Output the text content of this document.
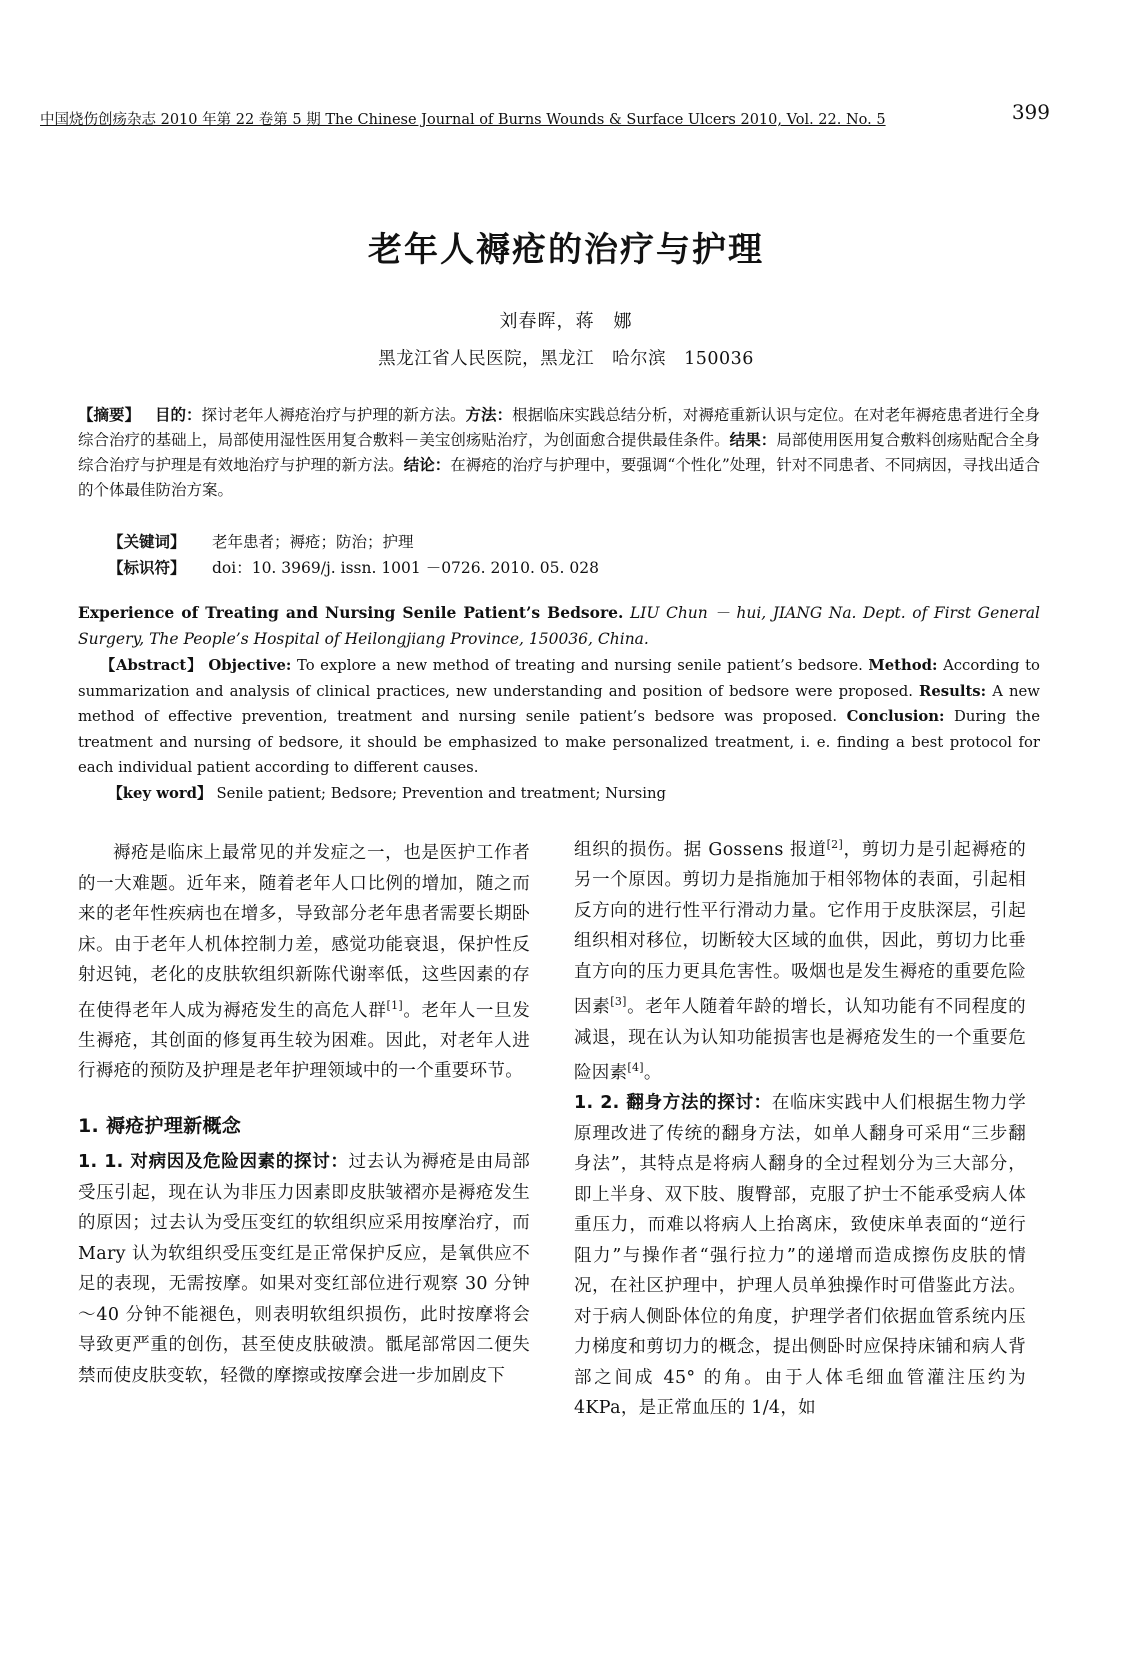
中国烧伤创疡杂志 2010 年第 22 卷第 5 期 The Chinese Journal of Burns Wounds & Surface Ulcers 2010, Vol. 22. No. 5	399
老年人褥疮的治疗与护理
刘春晖，蒋　娜
黑龙江省人民医院，黑龙江　哈尔滨　150036
【摘要】 目的：探讨老年人褥疮治疗与护理的新方法。方法：根据临床实践总结分析，对褥疮重新认识与定位。在对老年褥疮患者进行全身综合治疗的基础上，局部使用湿性医用复合敷料－美宝创疡贴治疗，为创面愈合提供最佳条件。结果：局部使用医用复合敷料创疡贴配合全身综合治疗与护理是有效地治疗与护理的新方法。结论：在褥疮的治疗与护理中，要强调“个性化”处理，针对不同患者、不同病因，寻找出适合的个体最佳防治方案。
【关键词】 老年患者；褥疮；防治；护理
【标识符】 doi：10. 3969/j. issn. 1001 －0726. 2010. 05. 028
Experience of Treating and Nursing Senile Patient’s Bedsore. LIU Chun － hui, JIANG Na. Dept. of First General Surgery, The People’s Hospital of Heilongjiang Province, 150036, China.
【Abstract】 Objective: To explore a new method of treating and nursing senile patient’s bedsore. Method: According to summarization and analysis of clinical practices, new understanding and position of bedsore were proposed. Results: A new method of effective prevention, treatment and nursing senile patient’s bedsore was proposed. Conclusion: During the treatment and nursing of bedsore, it should be emphasized to make personalized treatment, i. e. finding a best protocol for each individual patient according to different causes.
【key word】 Senile patient; Bedsore; Prevention and treatment; Nursing

褥疮是临床上最常见的并发症之一，也是医护工作者的一大难题。近年来，随着老年人口比例的增加，随之而来的老年性疾病也在增多，导致部分老年患者需要长期卧床。由于老年人机体控制力差，感觉功能衰退，保护性反射迟钝，老化的皮肤软组织新陈代谢率低，这些因素的存在使得老年人成为褥疮发生的高危人群[1]。老年人一旦发生褥疮，其创面的修复再生较为困难。因此，对老年人进行褥疮的预防及护理是老年护理领域中的一个重要环节。

1. 褥疮护理新概念

1. 1. 对病因及危险因素的探讨：过去认为褥疮是由局部受压引起，现在认为非压力因素即皮肤皱褶亦是褥疮发生的原因；过去认为受压变红的软组织应采用按摩治疗，而 Mary 认为软组织受压变红是正常保护反应，是氧供应不足的表现，无需按摩。如果对变红部位进行观察 30 分钟 ～40 分钟不能褪色，则表明软组织损伤，此时按摩将会导致更严重的创伤，甚至使皮肤破溃。骶尾部常因二便失禁而使皮肤变软，轻微的摩擦或按摩会进一步加剧皮下

组织的损伤。据 Gossens 报道[2]，剪切力是引起褥疮的另一个原因。剪切力是指施加于相邻物体的表面，引起相反方向的进行性平行滑动力量。它作用于皮肤深层，引起组织相对移位，切断较大区域的血供，因此，剪切力比垂直方向的压力更具危害性。吸烟也是发生褥疮的重要危险因素[3]。老年人随着年龄的增长，认知功能有不同程度的减退，现在认为认知功能损害也是褥疮发生的一个重要危险因素[4]。

1. 2. 翻身方法的探讨：在临床实践中人们根据生物力学原理改进了传统的翻身方法，如单人翻身可采用“三步翻身法”，其特点是将病人翻身的全过程划分为三大部分，即上半身、双下肢、腹臀部，克服了护士不能承受病人体重压力，而难以将病人上抬离床，致使床单表面的“逆行阻力”与操作者“强行拉力”的递增而造成擦伤皮肤的情况，在社区护理中，护理人员单独操作时可借鉴此方法。对于病人侧卧体位的角度，护理学者们依据血管系统内压力梯度和剪切力的概念，提出侧卧时应保持床铺和病人背部之间成 45° 的角。由于人体毛细血管灌注压约为 4KPa，是正常血压的 1/4，如
